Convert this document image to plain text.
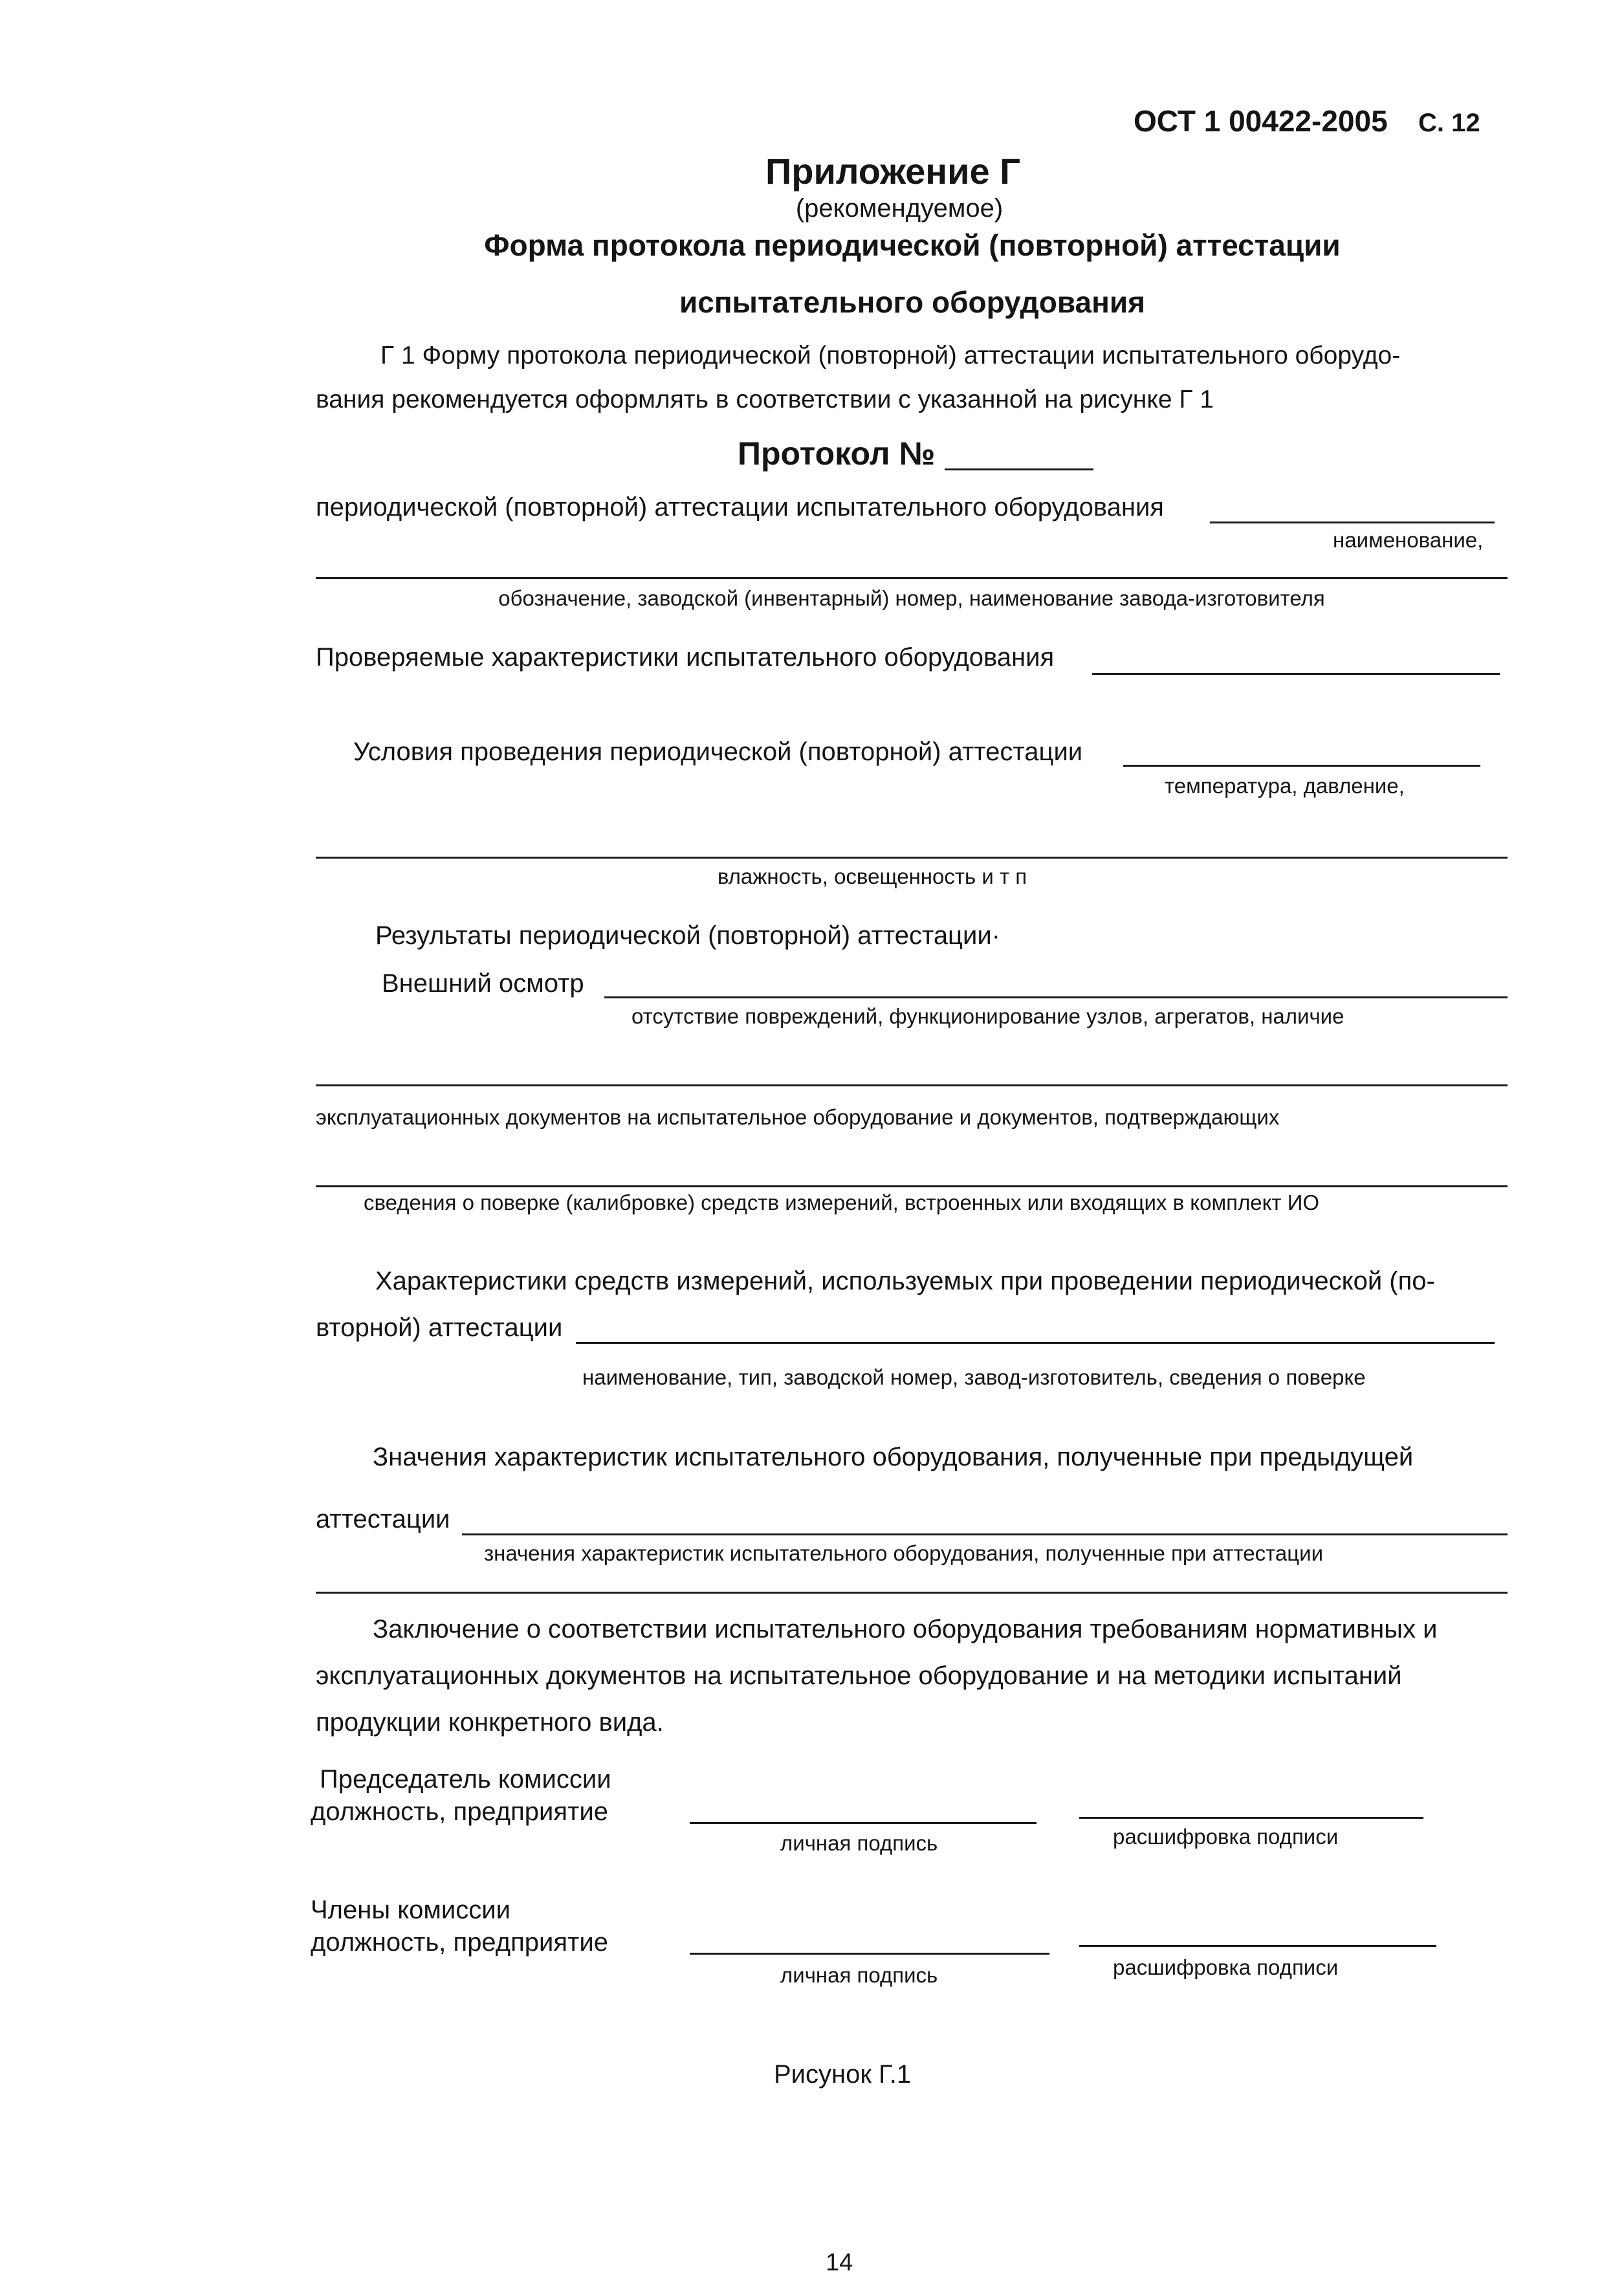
ОСТ 1 00422-2005 С. 12
Приложение Г
(рекомендуемое)
Форма протокола периодической (повторной) аттестации
испытательного оборудования
Г 1 Форму протокола периодической (повторной) аттестации испытательного оборудо-
вания рекомендуется оформлять в соответствии с указанной на рисунке Г 1
Протокол №
периодической (повторной) аттестации испытательного оборудования
наименование,
обозначение, заводской (инвентарный) номер, наименование завода-изготовителя
Проверяемые характеристики испытательного оборудования
Условия проведения периодической (повторной) аттестации
температура, давление,
влажность, освещенность и т п
Результаты периодической (повторной) аттестации·
Внешний осмотр
отсутствие повреждений, функционирование узлов, агрегатов, наличие
эксплуатационных документов на испытательное оборудование и документов, подтверждающих
сведения о поверке (калибровке) средств измерений, встроенных или входящих в комплект ИО
Характеристики средств измерений, используемых при проведении периодической (по-
вторной) аттестации
наименование, тип, заводской номер, завод-изготовитель, сведения о поверке
Значения характеристик испытательного оборудования, полученные при предыдущей
аттестации
значения характеристик испытательного оборудования, полученные при аттестации
Заключение о соответствии испытательного оборудования требованиям нормативных и
эксплуатационных документов на испытательное оборудование и на методики испытаний
продукции конкретного вида.
Председатель комиссии
должность, предприятие
личная подпись	расшифровка подписи
Члены комиссии
должность, предприятие
личная подпись	расшифровка подписи
Рисунок Г.1
14
